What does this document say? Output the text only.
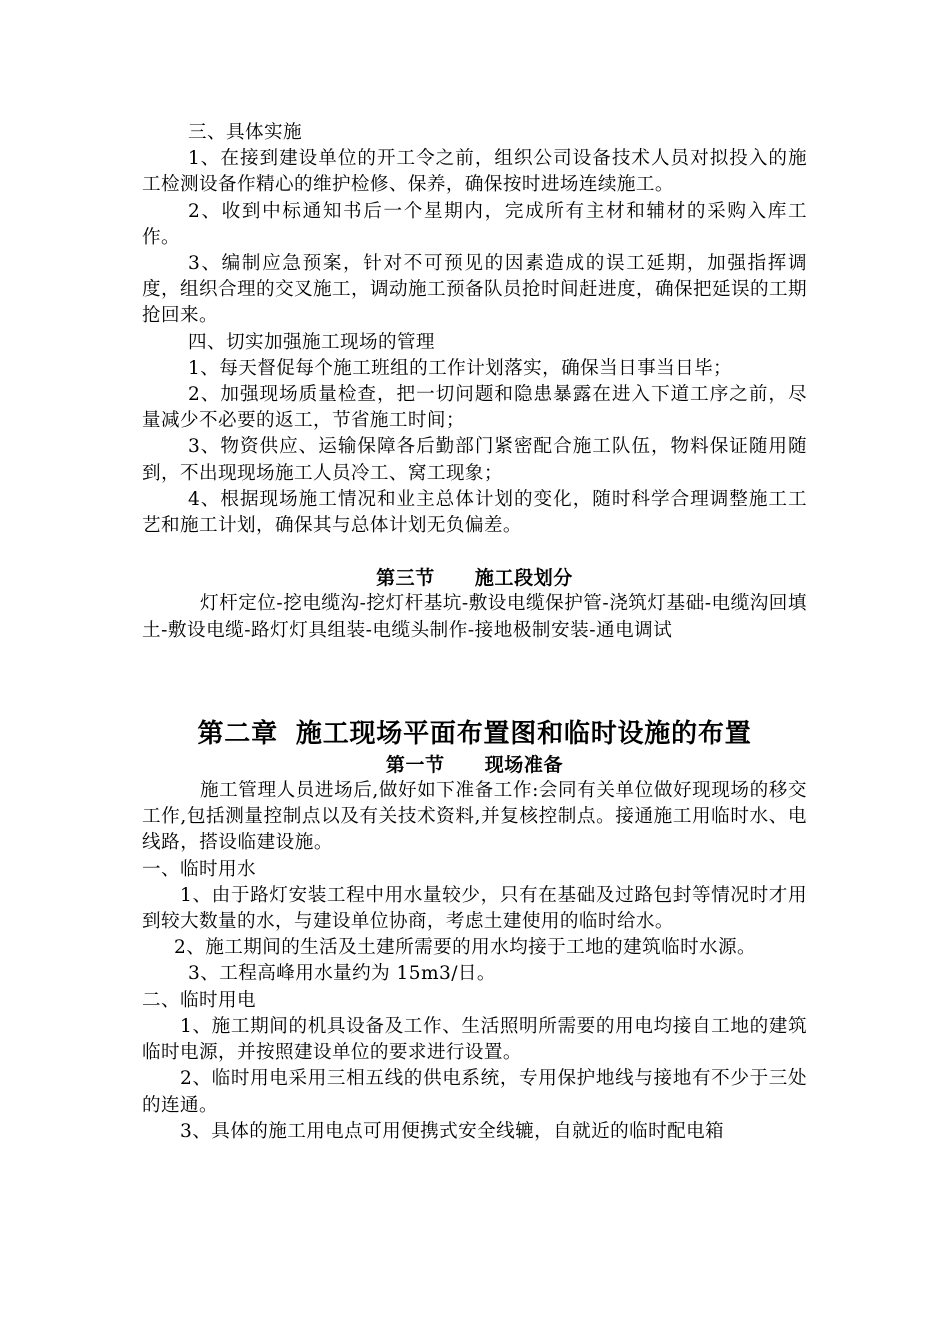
三、具体实施

1、在接到建设单位的开工令之前，组织公司设备技术人员对拟投入的施工检测设备作精心的维护检修、保养，确保按时进场连续施工。

2、收到中标通知书后一个星期内，完成所有主材和辅材的采购入库工作。

3、编制应急预案，针对不可预见的因素造成的误工延期，加强指挥调度，组织合理的交叉施工，调动施工预备队员抢时间赶进度，确保把延误的工期抢回来。

四、切实加强施工现场的管理

1、每天督促每个施工班组的工作计划落实，确保当日事当日毕；

2、加强现场质量检查，把一切问题和隐患暴露在进入下道工序之前，尽量减少不必要的返工，节省施工时间；

3、物资供应、运输保障各后勤部门紧密配合施工队伍，物料保证随用随到，不出现现场施工人员冷工、窝工现象；

4、根据现场施工情况和业主总体计划的变化，随时科学合理调整施工工艺和施工计划，确保其与总体计划无负偏差。

第三节 施工段划分

灯杆定位-挖电缆沟-挖灯杆基坑-敷设电缆保护管-浇筑灯基础-电缆沟回填土-敷设电缆-路灯灯具组装-电缆头制作-接地极制安装-通电调试

第二章 施工现场平面布置图和临时设施的布置

第一节 现场准备

施工管理人员进场后,做好如下准备工作:会同有关单位做好现现场的移交工作,包括测量控制点以及有关技术资料,并复核控制点。接通施工用临时水、电线路，搭设临建设施。

一、临时用水

1、由于路灯安装工程中用水量较少，只有在基础及过路包封等情况时才用到较大数量的水，与建设单位协商，考虑土建使用的临时给水。

2、施工期间的生活及土建所需要的用水均接于工地的建筑临时水源。

3、工程高峰用水量约为 15m3/日。

二、临时用电

1、施工期间的机具设备及工作、生活照明所需要的用电均接自工地的建筑临时电源，并按照建设单位的要求进行设置。

2、临时用电采用三相五线的供电系统，专用保护地线与接地有不少于三处的连通。

3、具体的施工用电点可用便携式安全线辘，自就近的临时配电箱
